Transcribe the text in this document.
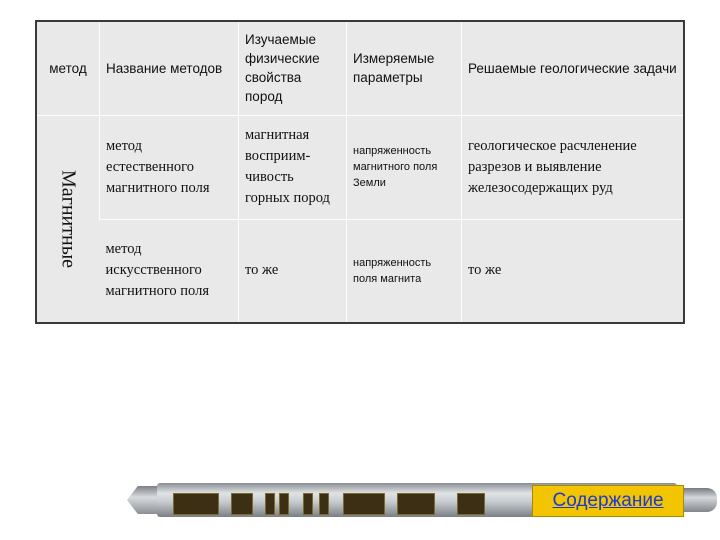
метод	Название методов	Изучаемые физические свойства пород	Измеряемые параметры	Решаемые геологические задачи

Магнитные	метод естественного магнитного поля	магнитная восприим-чивость горных пород	напряженность магнитного поля Земли	геологическое расчленение разрезов и выявление железосодержащих руд
	метод искусственного магнитного поля	то же	напряженность поля магнита	то же
Содержание
